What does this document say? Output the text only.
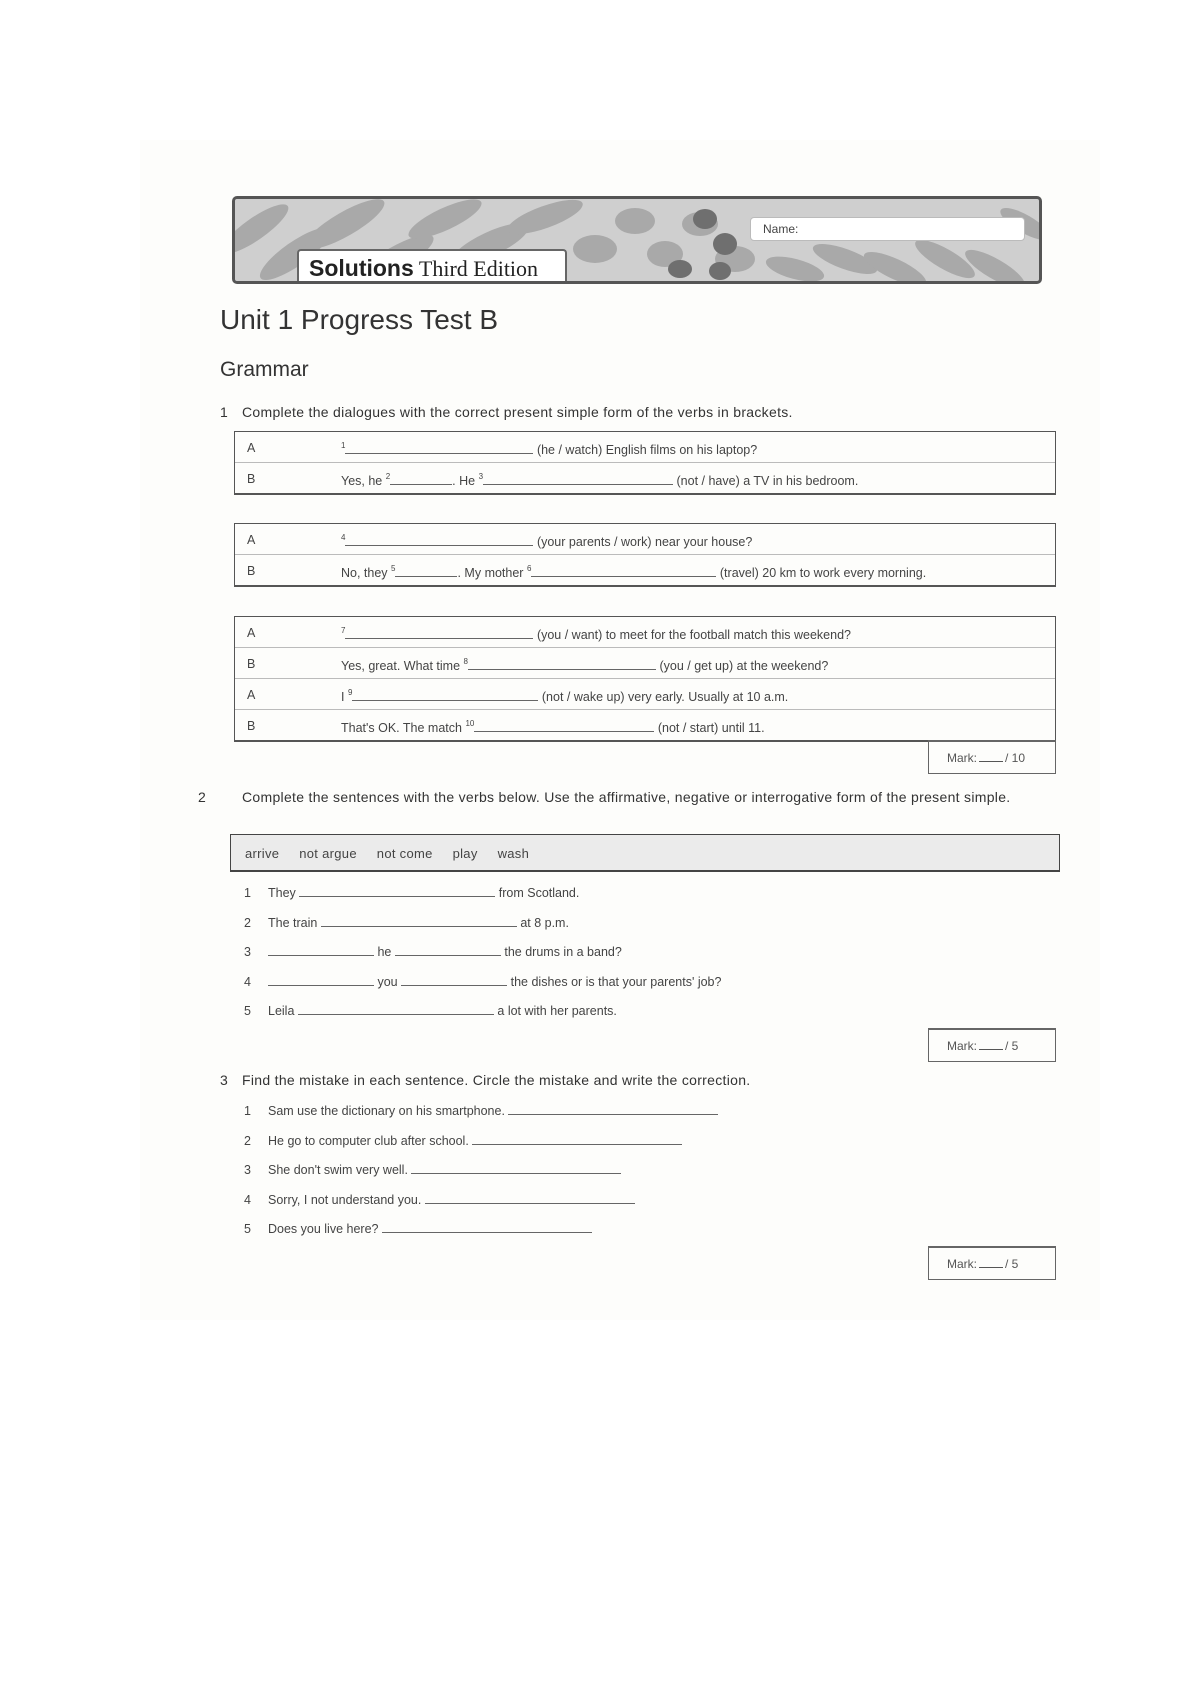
Solutions Third Edition
Name:
Unit 1 Progress Test B
Grammar
1 Complete the dialogues with the correct present simple form of the verbs in brackets.
A	$^1$	(he / watch) English films on his laptop?
B	Yes, he $^2$	. He $^3$	(not / have) a TV in his bedroom.
A	$^4$	(your parents / work) near your house?
B	No, they $^5$	. My mother $^6$	(travel) 20 km to work every morning.
A	$^7$	(you / want) to meet for the football match this weekend?
B	Yes, great. What time $^8$	(you / get up) at the weekend?
A	I $^9$	(not / wake up) very early. Usually at 10 a.m.
B	That's OK. The match $^{10}$	(not / start) until 11.
Mark: / 10
2	Complete the sentences with the verbs below. Use the affirmative, negative or interrogative form of the present simple.
arrive not argue not come play wash
1 They	from Scotland.
2 The train	at 8 p.m.
3	he	the drums in a band?
4	you	the dishes or is that your parents' job?
5 Leila	a lot with her parents.
Mark: / 5
3 Find the mistake in each sentence. Circle the mistake and write the correction.
1 Sam use the dictionary on his smartphone.
2 He go to computer club after school.
3 She don't swim very well.
4 Sorry, I not understand you.
5 Does you live here?
Mark: / 5
